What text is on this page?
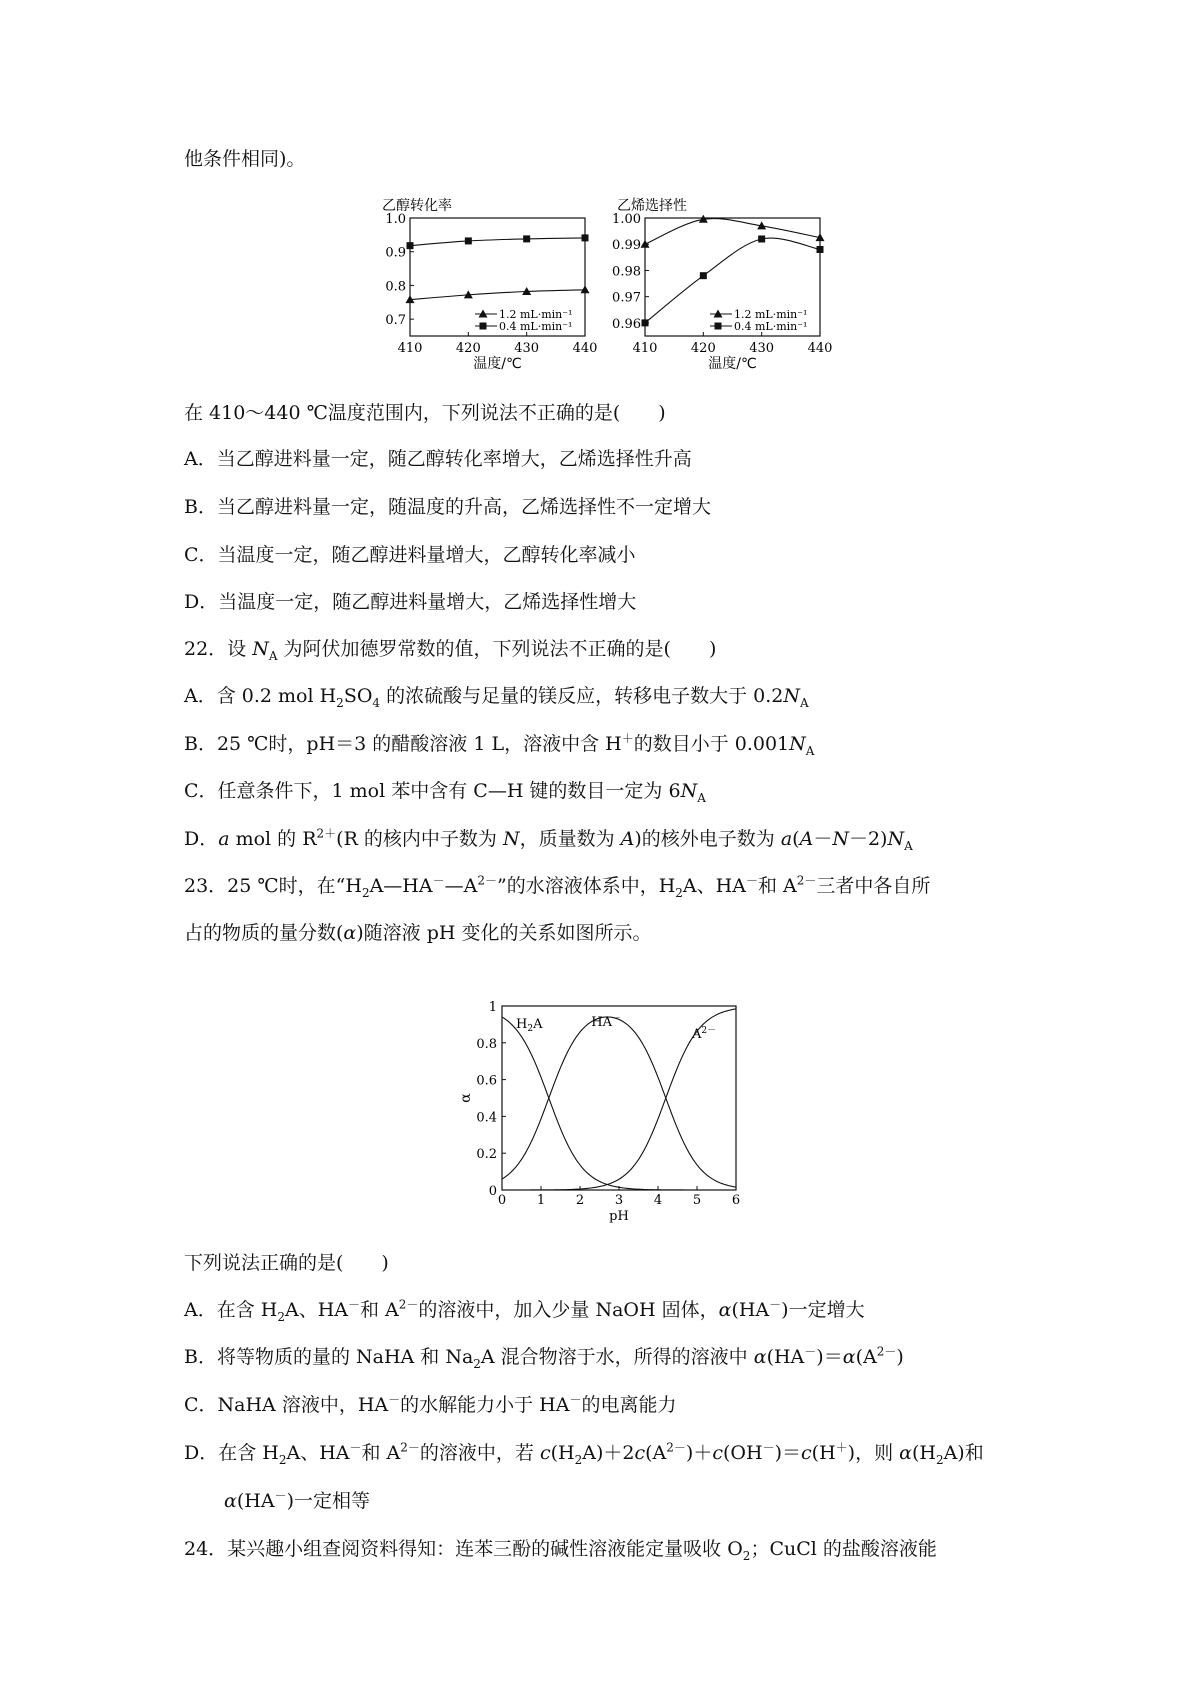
他条件相同)。
乙醇转化率
1.0
0.9
0.8
0.7
410	420	430	440
温度/℃
1.2 mL·min⁻¹
0.4 mL·min⁻¹
乙烯选择性
1.00
0.99
0.98
0.97
0.96
410	420	430	440
温度/℃
1.2 mL·min⁻¹
0.4 mL·min⁻¹
在 410～440 ℃温度范围内，下列说法不正确的是(　　)
A．当乙醇进料量一定，随乙醇转化率增大，乙烯选择性升高
B．当乙醇进料量一定，随温度的升高，乙烯选择性不一定增大
C．当温度一定，随乙醇进料量增大，乙醇转化率减小
D．当温度一定，随乙醇进料量增大，乙烯选择性增大
22．设 $N_A$ 为阿伏加德罗常数的值，下列说法不正确的是(　　)
A．含 0.2 mol $H_2SO_4$ 的浓硫酸与足量的镁反应，转移电子数大于 $0.2N_A$
B．25 ℃时，pH＝3 的醋酸溶液 1 L，溶液中含 H＋的数目小于 $0.001N_A$
C．任意条件下，1 mol 苯中含有 C—H 键的数目一定为 $6N_A$
D．a mol 的 $R^{2+}(R$ 的核内中子数为 N，质量数为 A)的核外电子数为 $a(A-N-2)N_A$
23．25 ℃时，在“$H_2A—HA^-—A^{2-}$”的水溶液体系中，$H_2A$、HA－和 $A^{2-}$三者中各自所
占的物质的量分数(α)随溶液 pH 变化的关系如图所示。
1
0.8
0.6
0.4
0.2
0
0 1 2 3 4 5 6
pH
α
$H_2A$	HA－
$A^{2-}$
下列说法正确的是(　　)
A．在含 $H_2A$、HA－和 $A^{2-}$的溶液中，加入少量 NaOH 固体，α(HA－)一定增大
B．将等物质的量的 NaHA 和 $Na_2A$ 混合物溶于水，所得的溶液中 $\alpha(HA^-)=\alpha(A^{2-})$
C．NaHA 溶液中，HA－的水解能力小于 HA－的电离能力
D．在含 $H_2A$、HA－和 $A^{2-}$的溶液中，若 $c(H_2A)+2c(A^{2-})+c(OH^-)=c(H^+)$，则 $\alpha(H_2A)$和
α(HA－)一定相等
24．某兴趣小组查阅资料得知：连苯三酚的碱性溶液能定量吸收 $O_2$；CuCl 的盐酸溶液能
